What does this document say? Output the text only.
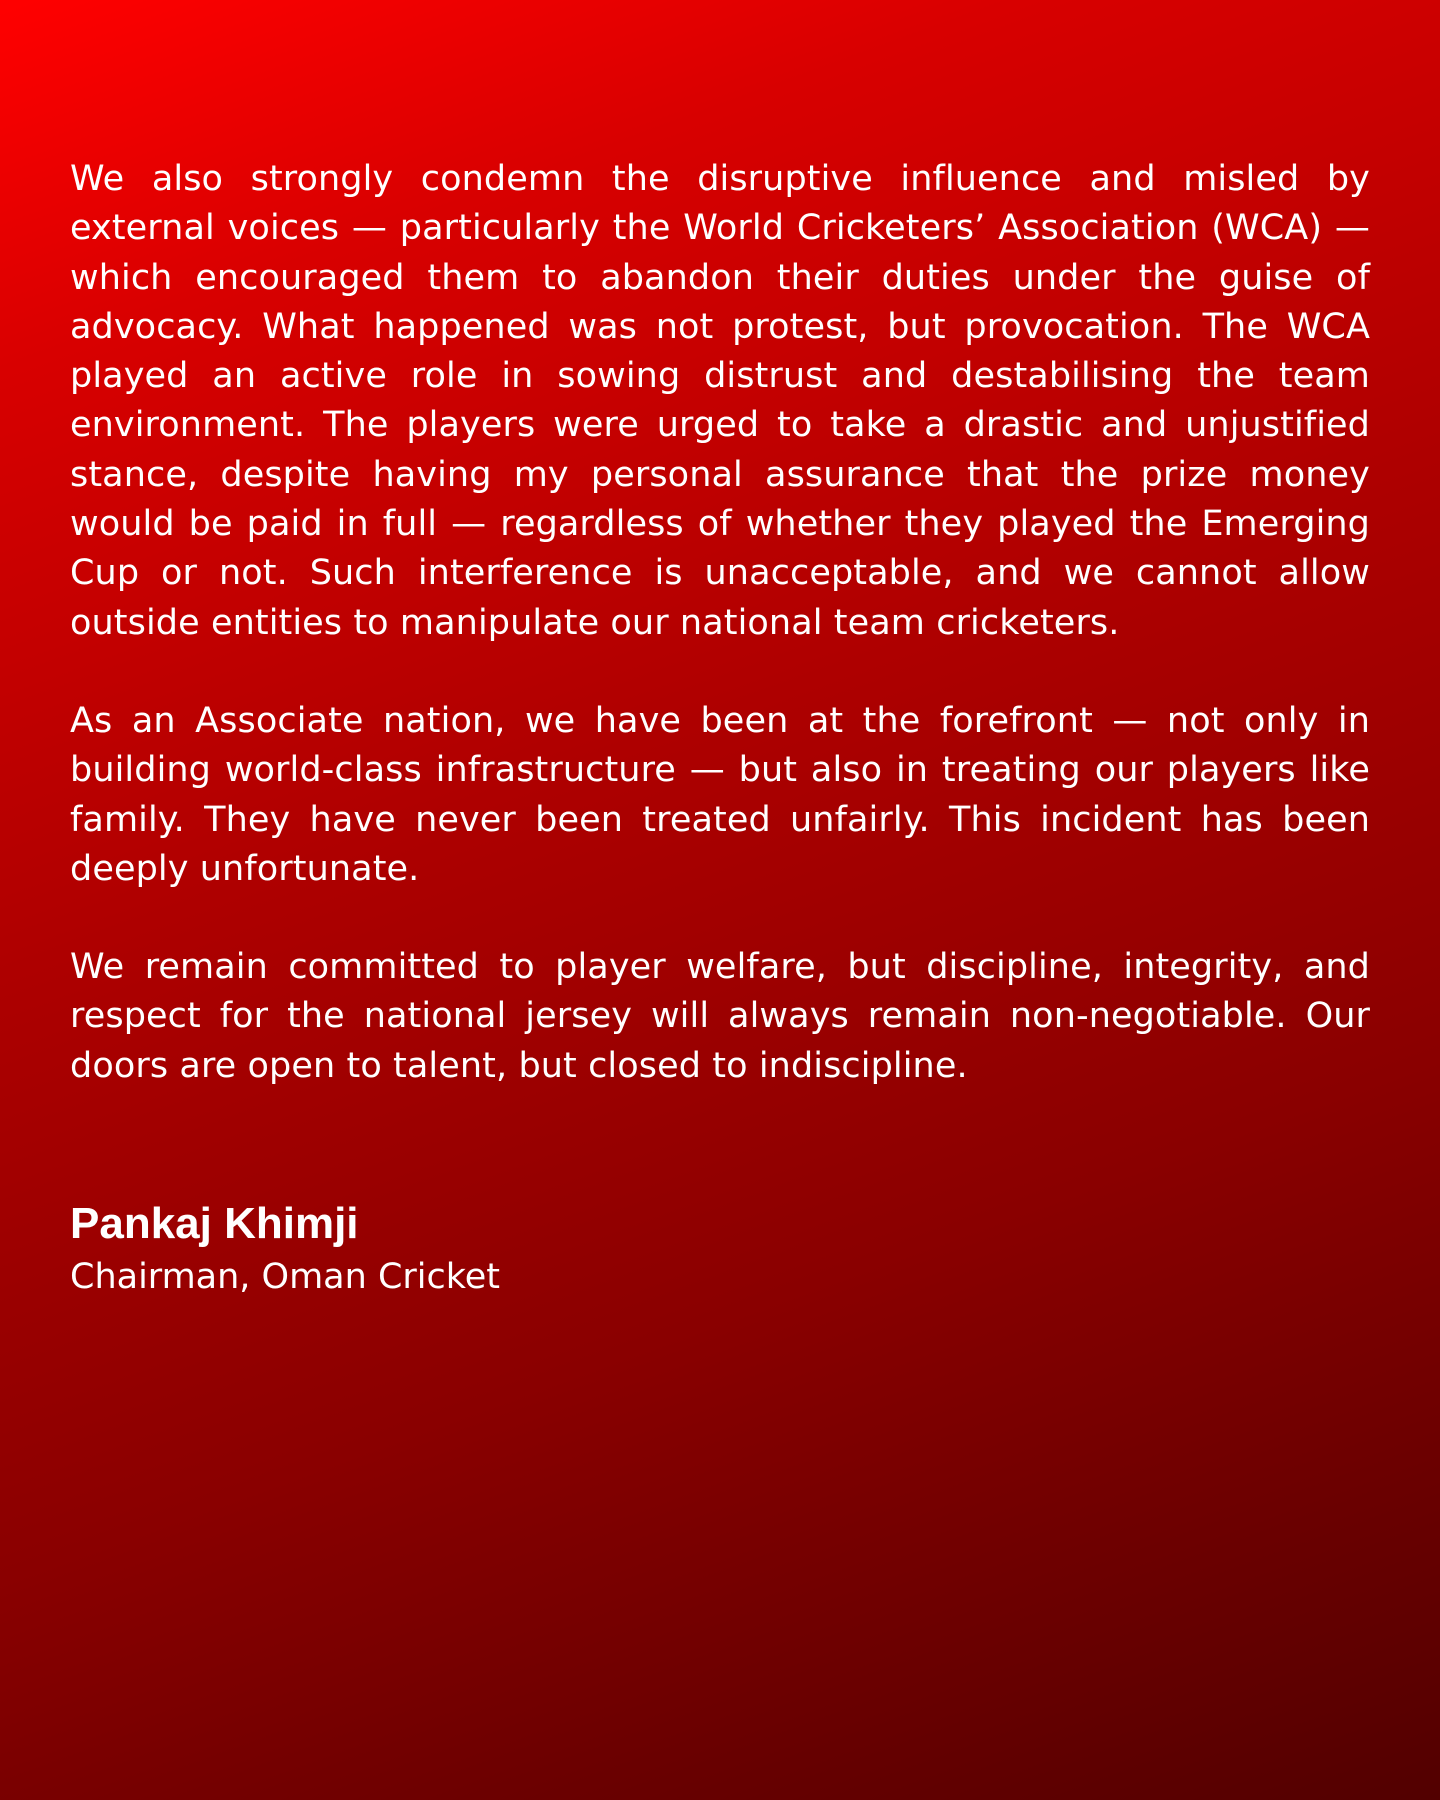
We also strongly condemn the disruptive influence and misled by external voices — particularly the World Cricketers’ Association (WCA) — which encouraged them to abandon their duties under the guise of advocacy. What happened was not protest, but provocation. The WCA played an active role in sowing distrust and destabilising the team environment. The players were urged to take a drastic and unjustified stance, despite having my personal assurance that the prize money would be paid in full — regardless of whether they played the Emerging Cup or not. Such interference is unacceptable, and we cannot allow outside entities to manipulate our national team cricketers.

As an Associate nation, we have been at the forefront — not only in building world-class infrastructure — but also in treating our players like family. They have never been treated unfairly. This incident has been deeply unfortunate.

We remain committed to player welfare, but discipline, integrity, and respect for the national jersey will always remain non-negotiable. Our doors are open to talent, but closed to indiscipline.

Pankaj Khimji

Chairman, Oman Cricket
